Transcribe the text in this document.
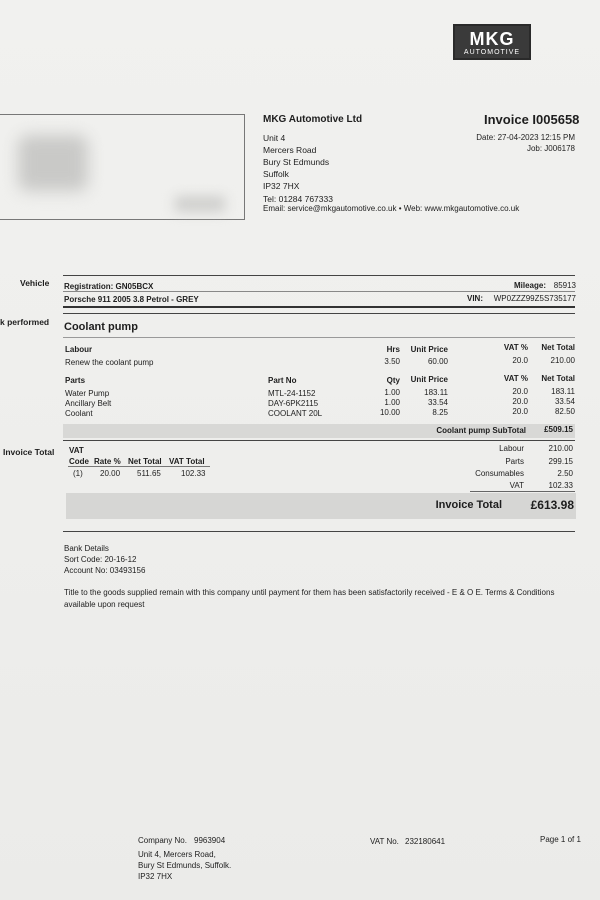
MKG
AUTOMOTIVE
MKG Automotive Ltd
Unit 4
Mercers Road
Bury St Edmunds
Suffolk
IP32 7HX
Tel: 01284 767333
Email: service@mkgautomotive.co.uk • Web: www.mkgautomotive.co.uk
Invoice I005658
Date: 27-04-2023 12:15 PM
Job: J006178
Vehicle
k performed
Invoice Total
Registration: GN05BCX	Mileage: 85913
Porsche 911 2005 3.8 Petrol - GREY	VIN:	WP0ZZZ99Z5S735177
Coolant pump
Labour	Hrs	Unit Price	VAT %	Net Total
Renew the coolant pump	3.50	60.00	20.0	210.00
Parts	Part No	Qty	Unit Price	VAT %	Net Total
Water Pump	MTL-24-1152	1.00	183.11	20.0	183.11
Ancillary Belt	DAY-6PK2115	1.00	33.54	20.0	33.54
Coolant	COOLANT 20L	10.00	8.25	20.0	82.50
Coolant pump SubTotal	£509.15
VAT
Code Rate % Net Total VAT Total
(1) 20.00 511.65	102.33
Labour	210.00
Parts	299.15
Consumables	2.50
VAT	102.33
Invoice Total	£613.98
Bank Details
Sort Code: 20-16-12
Account No: 03493156
Title to the goods supplied remain with this company until payment for them has been satisfactorily received - E & O E. Terms & Conditions available upon request
Company No. 9963904
Unit 4, Mercers Road,
Bury St Edmunds, Suffolk.
IP32 7HX
VAT No. 232180641	Page 1 of 1
